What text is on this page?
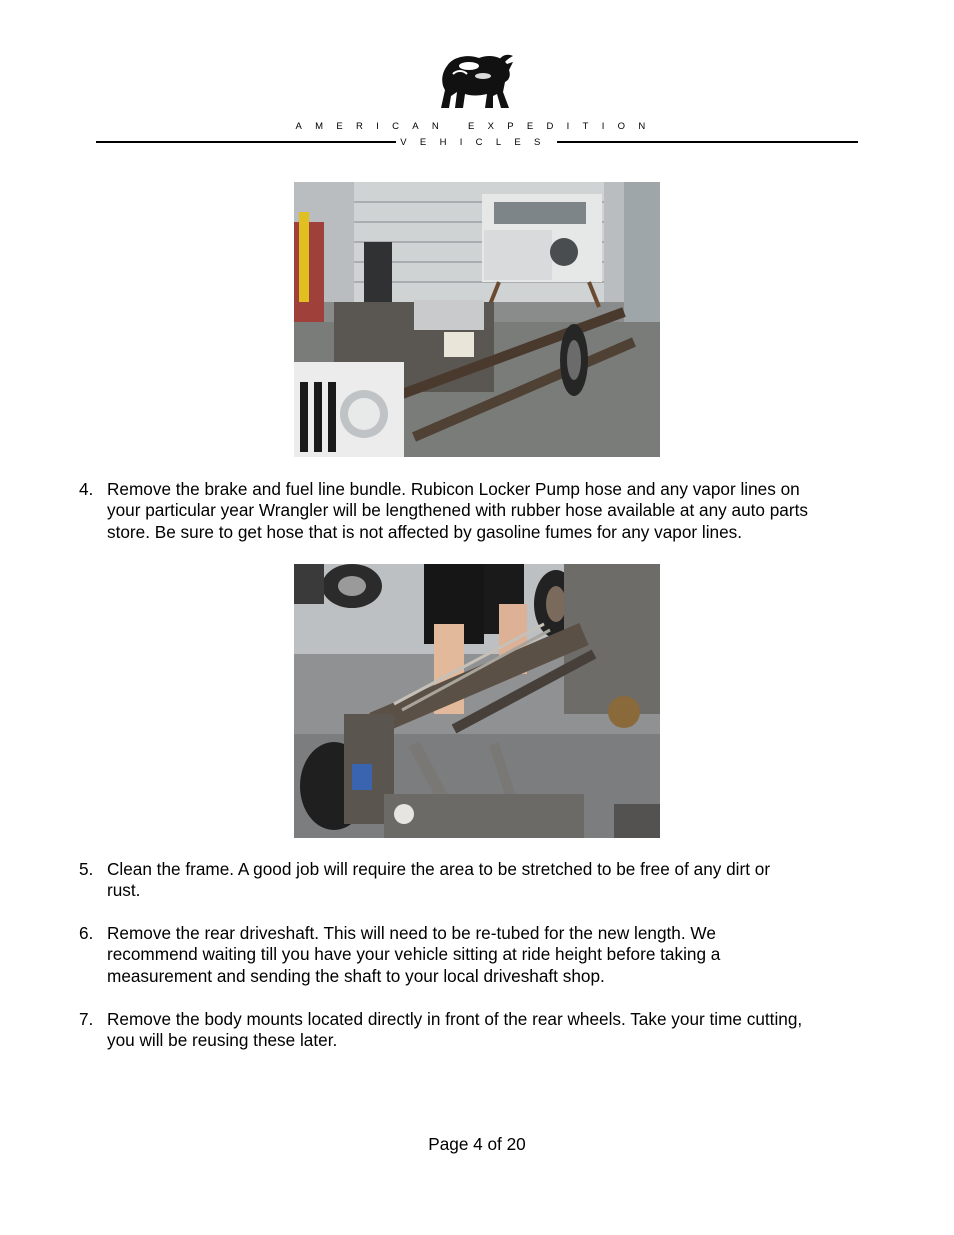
AMERICAN EXPEDITION
VEHICLES
4. Remove the brake and fuel line bundle. Rubicon Locker Pump hose and any vapor lines on
your particular year Wrangler will be lengthened with rubber hose available at any auto parts
store. Be sure to get hose that is not affected by gasoline fumes for any vapor lines.
5. Clean the frame. A good job will require the area to be stretched to be free of any dirt or
rust.
6. Remove the rear driveshaft. This will need to be re-tubed for the new length. We
recommend waiting till you have your vehicle sitting at ride height before taking a
measurement and sending the shaft to your local driveshaft shop.
7. Remove the body mounts located directly in front of the rear wheels. Take your time cutting,
you will be reusing these later.
Page 4 of 20
